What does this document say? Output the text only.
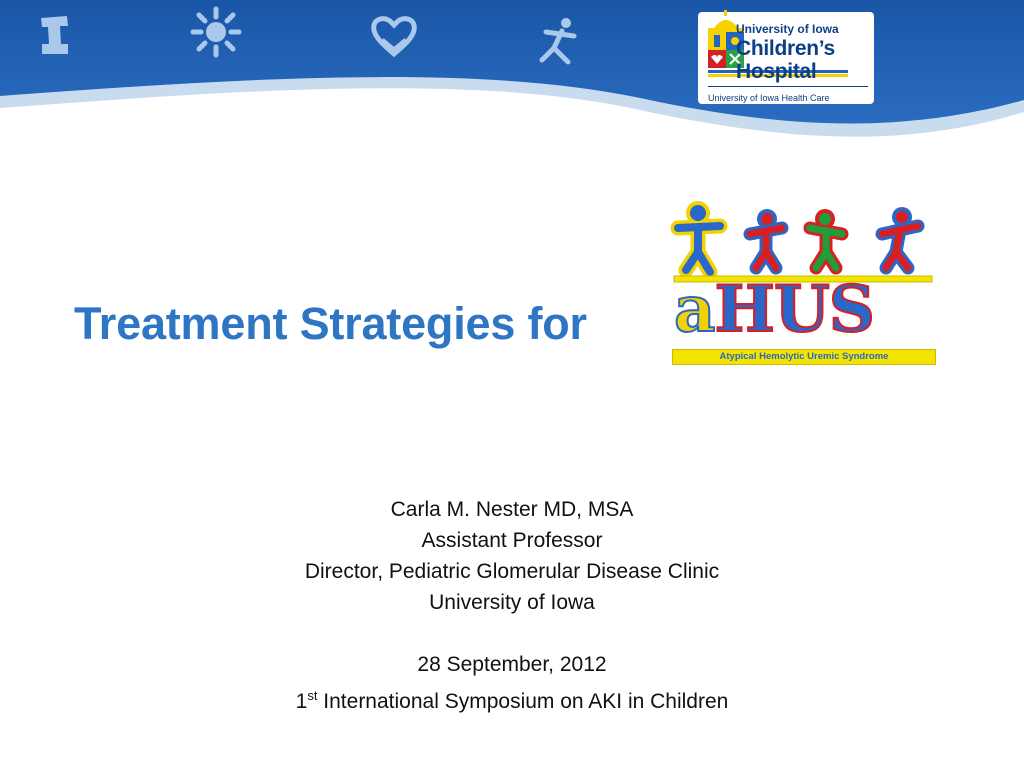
University of Iowa
Children’s
Hospital
University of Iowa Health Care
Treatment Strategies for aHUS
Atypical Hemolytic Uremic Syndrome

Carla M. Nester MD, MSA

Assistant Professor

Director, Pediatric Glomerular Disease Clinic

University of Iowa

28 September, 2012

1st International Symposium on AKI in Children
